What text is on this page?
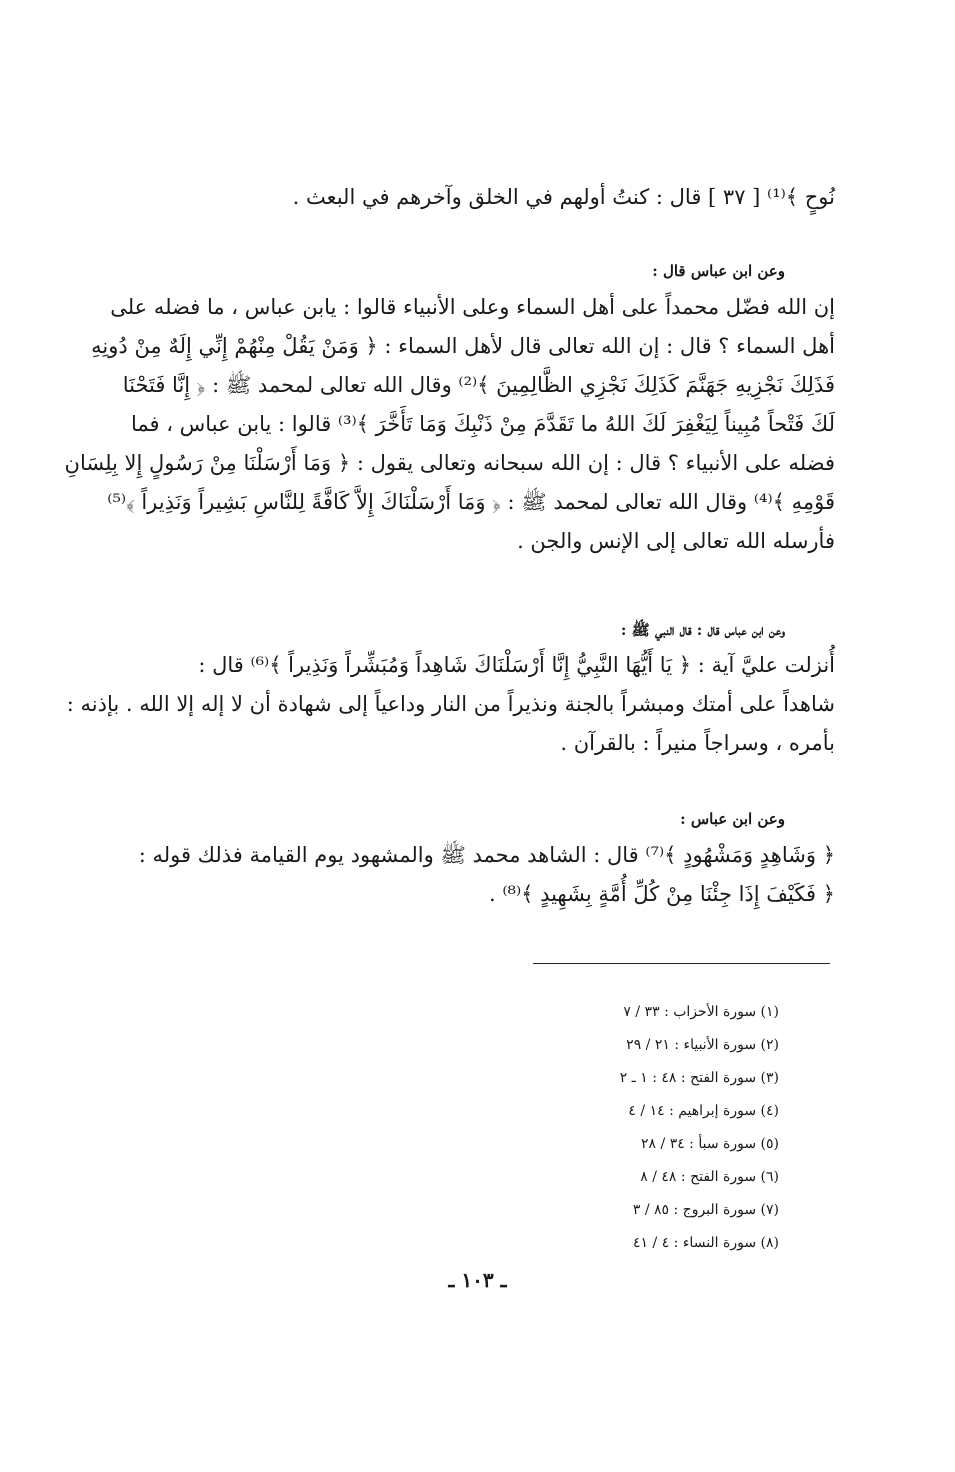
نُوحٍ ﴾⁽¹⁾ [ ٣٧ ] قال : كنتُ أولهم في الخلق وآخرهم في البعث .
وعن ابن عباس قال :
إن الله فضّل محمداً على أهل السماء وعلى الأنبياء قالوا : يابن عباس ، ما فضله على
أهل السماء ؟ قال : إن الله تعالى قال لأهل السماء : ﴿ وَمَنْ يَقُلْ مِنْهُمْ إِنِّي إِلَهٌ مِنْ دُونِهِ
فَذَلِكَ نَجْزِيهِ جَهَنَّمَ كَذَلِكَ نَجْزِي الظَّالِمِينَ ﴾⁽²⁾ وقال الله تعالى لمحمد ﷺ : ﴿ إِنَّا فَتَحْنَا
لَكَ فَتْحاً مُبِيناً لِيَغْفِرَ لَكَ اللهُ ما تَقَدَّمَ مِنْ ذَنْبِكَ وَمَا تَأَخَّرَ ﴾⁽³⁾ قالوا : يابن عباس ، فما
فضله على الأنبياء ؟ قال : إن الله سبحانه وتعالى يقول : ﴿ وَمَا أَرْسَلْنَا مِنْ رَسُولٍ إِلا بِلِسَانِ
قَوْمِهِ ﴾⁽⁴⁾ وقال الله تعالى لمحمد ﷺ : ﴿ وَمَا أَرْسَلْنَاكَ إِلاَّ كَافَّةً لِلنَّاسِ بَشِيراً وَنَذِيراً ﴾⁽⁵⁾
فأرسله الله تعالى إلى الإنس والجن .
وعن ابن عباس قال : قال النبي ﷺ :
أُنزلت عليَّ آية : ﴿ يَا أَيُّهَا النَّبِيُّ إِنَّا أَرْسَلْنَاكَ شَاهِداً وَمُبَشِّراً وَنَذِيراً ﴾⁽⁶⁾ قال :
شاهداً على أمتك ومبشراً بالجنة ونذيراً من النار وداعياً إلى شهادة أن لا إله إلا الله . بإذنه :
بأمره ، وسراجاً منيراً : بالقرآن .
وعن ابن عباس :
﴿ وَشَاهِدٍ وَمَشْهُودٍ ﴾⁽⁷⁾ قال : الشاهد محمد ﷺ والمشهود يوم القيامة فذلك قوله :
﴿ فَكَيْفَ إِذَا جِئْنَا مِنْ كُلِّ أُمَّةٍ بِشَهِيدٍ ﴾⁽⁸⁾ .
(١) سورة الأحزاب : ٣٣ / ٧
(٢) سورة الأنبياء : ٢١ / ٢٩
(٣) سورة الفتح : ٤٨ : ١ ـ ٢
(٤) سورة إبراهيم : ١٤ / ٤
(٥) سورة سبأ : ٣٤ / ٢٨
(٦) سورة الفتح : ٤٨ / ٨
(٧) سورة البروج : ٨٥ / ٣
(٨) سورة النساء : ٤ / ٤١
ـ ١٠٣ ـ
